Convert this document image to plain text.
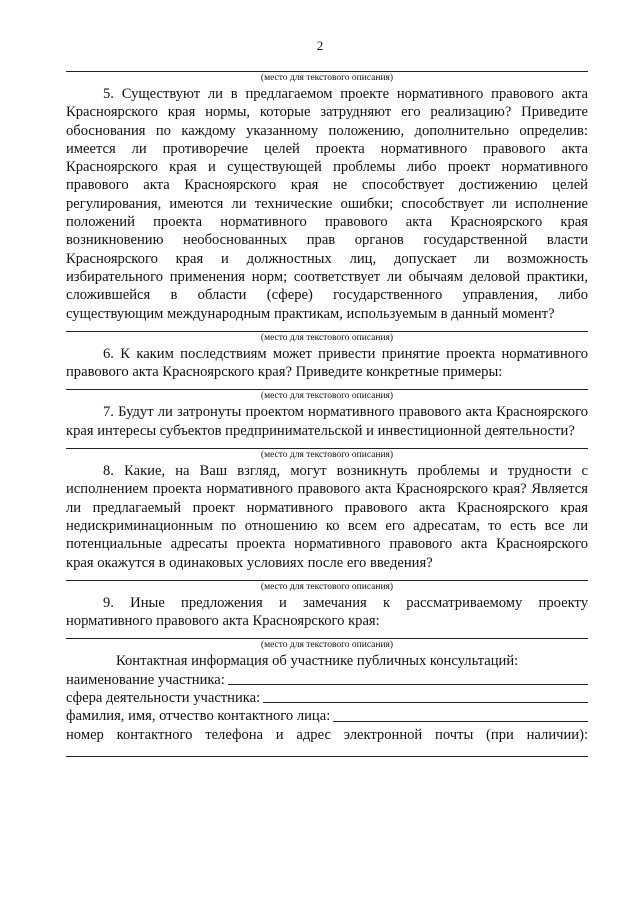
2
(место для текстового описания)

5. Существуют ли в предлагаемом проекте нормативного правового акта Красноярского края нормы, которые затрудняют его реализацию? Приведите обоснования по каждому указанному положению, дополнительно определив: имеется ли противоречие целей проекта нормативного правового акта Красноярского края и существующей проблемы либо проект нормативного правового акта Красноярского края не способствует достижению целей регулирования, имеются ли технические ошибки; способствует ли исполнение положений проекта нормативного правового акта Красноярского края возникновению необоснованных прав органов государственной власти Красноярского края и должностных лиц, допускает ли возможность избирательного применения норм; соответствует ли обычаям деловой практики, сложившейся в области (сфере) государственного управления, либо существующим международным практикам, используемым в данный момент?

(место для текстового описания)

6. К каким последствиям может привести принятие проекта нормативного правового акта Красноярского края? Приведите конкретные примеры:

(место для текстового описания)

7. Будут ли затронуты проектом нормативного правового акта Красноярского края интересы субъектов предпринимательской и инвестиционной деятельности?

(место для текстового описания)

8. Какие, на Ваш взгляд, могут возникнуть проблемы и трудности с исполнением проекта нормативного правового акта Красноярского края? Является ли предлагаемый проект нормативного правового акта Красноярского края недискриминационным по отношению ко всем его адресатам, то есть все ли потенциальные адресаты проекта нормативного правового акта Красноярского края окажутся в одинаковых условиях после его введения?

(место для текстового описания)

9. Иные предложения и замечания к рассматриваемому проекту нормативного правового акта Красноярского края:

(место для текстового описания)
Контактная информация об участнике публичных консультаций:
наименование участника:
сфера деятельности участника:
фамилия, имя, отчество контактного лица:
номер контактного телефона и адрес электронной почты (при наличии):
